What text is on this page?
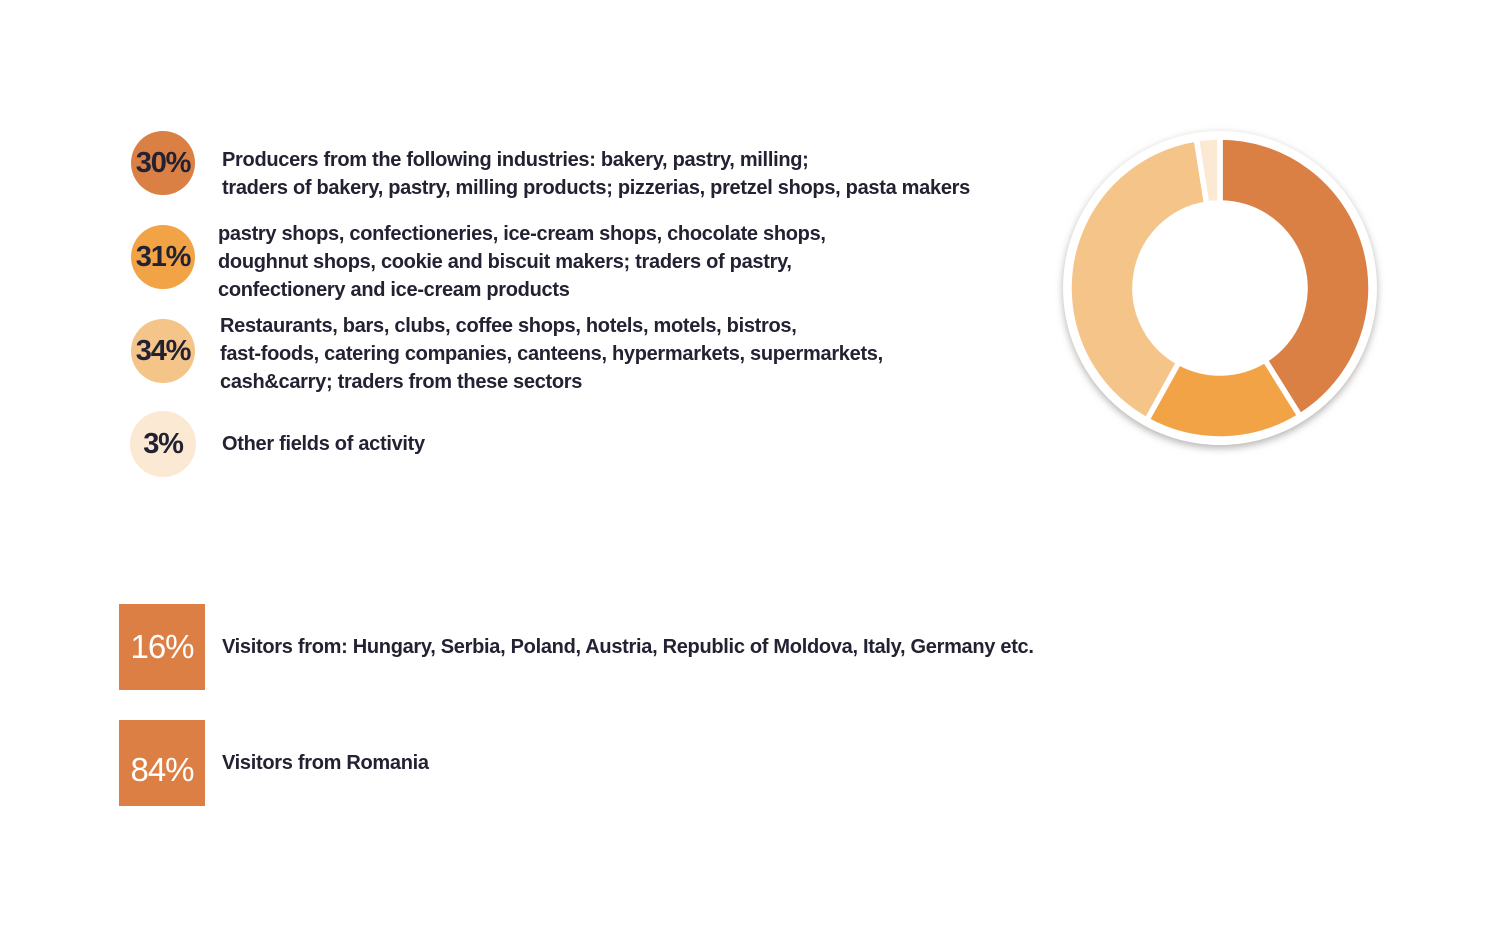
30% Producers from the following industries: bakery, pastry, milling;
traders of bakery, pastry, milling products; pizzerias, pretzel shops, pasta makers
31%
pastry shops, confectioneries, ice-cream shops, chocolate shops,
doughnut shops, cookie and biscuit makers; traders of pastry,
confectionery and ice-cream products
34%
Restaurants, bars, clubs, coffee shops, hotels, motels, bistros,
fast-foods, catering companies, canteens, hypermarkets, supermarkets,
cash&carry; traders from these sectors
3% Other fields of activity
16% Visitors from: Hungary, Serbia, Poland, Austria, Republic of Moldova, Italy, Germany etc.
84% Visitors from Romania
